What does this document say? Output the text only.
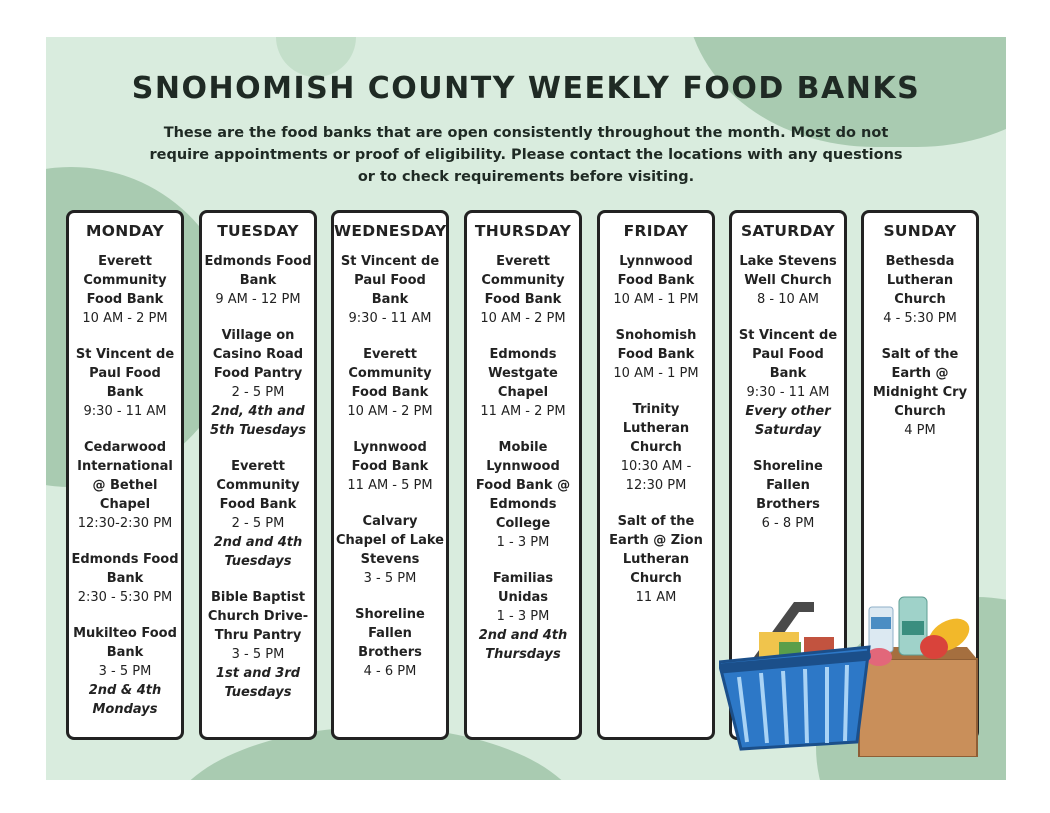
SNOHOMISH COUNTY WEEKLY FOOD BANKS
These are the food banks that are open consistently throughout the month. Most do not require appointments or proof of eligibility. Please contact the locations with any questions or to check requirements before visiting.
MONDAY
Everett Community Food Bank
10 AM - 2 PM
St Vincent de Paul Food Bank
9:30 - 11 AM
Cedarwood International @ Bethel Chapel
12:30-2:30 PM
Edmonds Food Bank
2:30 - 5:30 PM
Mukilteo Food Bank
3 - 5 PM
2nd & 4th Mondays
TUESDAY
Edmonds Food Bank
9 AM - 12 PM
Village on Casino Road Food Pantry
2 - 5 PM
2nd, 4th and 5th Tuesdays
Everett Community Food Bank
2 - 5 PM
2nd and 4th Tuesdays
Bible Baptist Church Drive-Thru Pantry
3 - 5 PM
1st and 3rd Tuesdays
WEDNESDAY
St Vincent de Paul Food Bank
9:30 - 11 AM
Everett Community Food Bank
10 AM - 2 PM
Lynnwood Food Bank
11 AM - 5 PM
Calvary Chapel of Lake Stevens
3 - 5 PM
Shoreline Fallen Brothers
4 - 6 PM
THURSDAY
Everett Community Food Bank
10 AM - 2 PM
Edmonds Westgate Chapel
11 AM - 2 PM
Mobile Lynnwood Food Bank @ Edmonds College
1 - 3 PM
Familias Unidas
1 - 3 PM
2nd and 4th Thursdays
FRIDAY
Lynnwood Food Bank
10 AM - 1 PM
Snohomish Food Bank
10 AM - 1 PM
Trinity Lutheran Church
10:30 AM - 12:30 PM
Salt of the Earth @ Zion Lutheran Church
11 AM
SATURDAY
Lake Stevens Well Church
8 - 10 AM
St Vincent de Paul Food Bank
9:30 - 11 AM
Every other Saturday
Shoreline Fallen Brothers
6 - 8 PM
SUNDAY
Bethesda Lutheran Church
4 - 5:30 PM
Salt of the Earth @ Midnight Cry Church
4 PM
